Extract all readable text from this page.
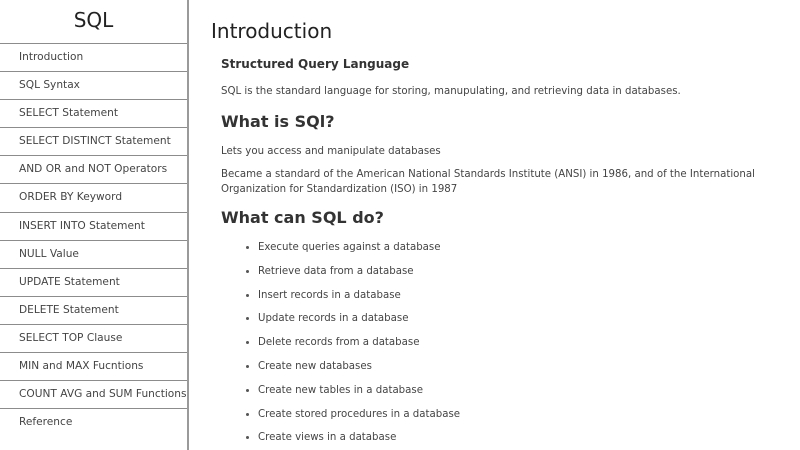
SQL
Introduction
SQL Syntax
SELECT Statement
SELECT DISTINCT Statement
AND OR and NOT Operators
ORDER BY Keyword
INSERT INTO Statement
NULL Value
UPDATE Statement
DELETE Statement
SELECT TOP Clause
MIN and MAX Fucntions
COUNT AVG and SUM Functions
Reference
Introduction
Structured Query Language

SQL is the standard language for storing, manupulating, and retrieving data in databases.

What is SQl?

Lets you access and manipulate databases

Became a standard of the American National Standards Institute (ANSI) in 1986, and of the International Organization for Standardization (ISO) in 1987

What can SQL do?
Execute queries against a database
Retrieve data from a database
Insert records in a database
Update records in a database
Delete records from a database
Create new databases
Create new tables in a database
Create stored procedures in a database
Create views in a database
